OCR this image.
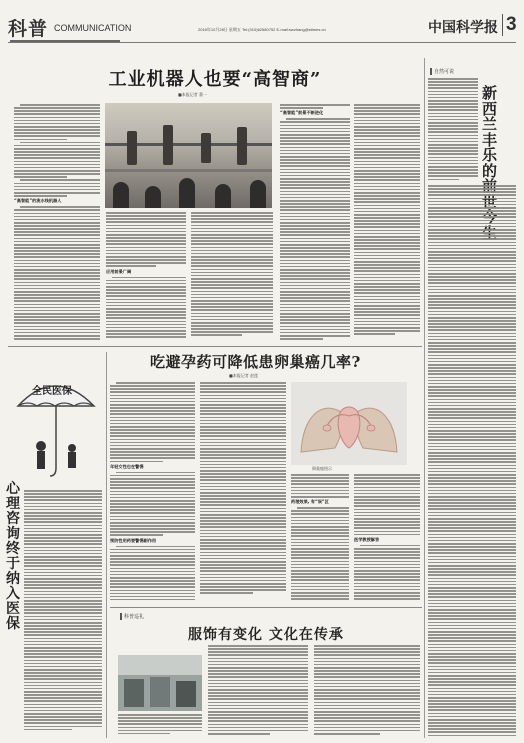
科普 COMMUNICATION	2016年10月28日 星期五 Tel:(010)62580752 E-mail:swzhang@stimes.cn	中国科学报 3
工业机器人也要“高智商”
■本报记者 董一
“高智能”的流水线机器人
应用前景广阔
“高智能”前景不断进化
自然可说
新西兰丰乐的
吃避孕药可降低患卵巢癌几率?
■本报记者 赵莲
年轻女性也在警惕
预防性用药要警惕副作用
卵巢癌图示
药理效果, 有“误”区
医学教授解答
全民医保
心理咨询终于纳入医保	科普巡礼
服饰有变化 文化在传承
